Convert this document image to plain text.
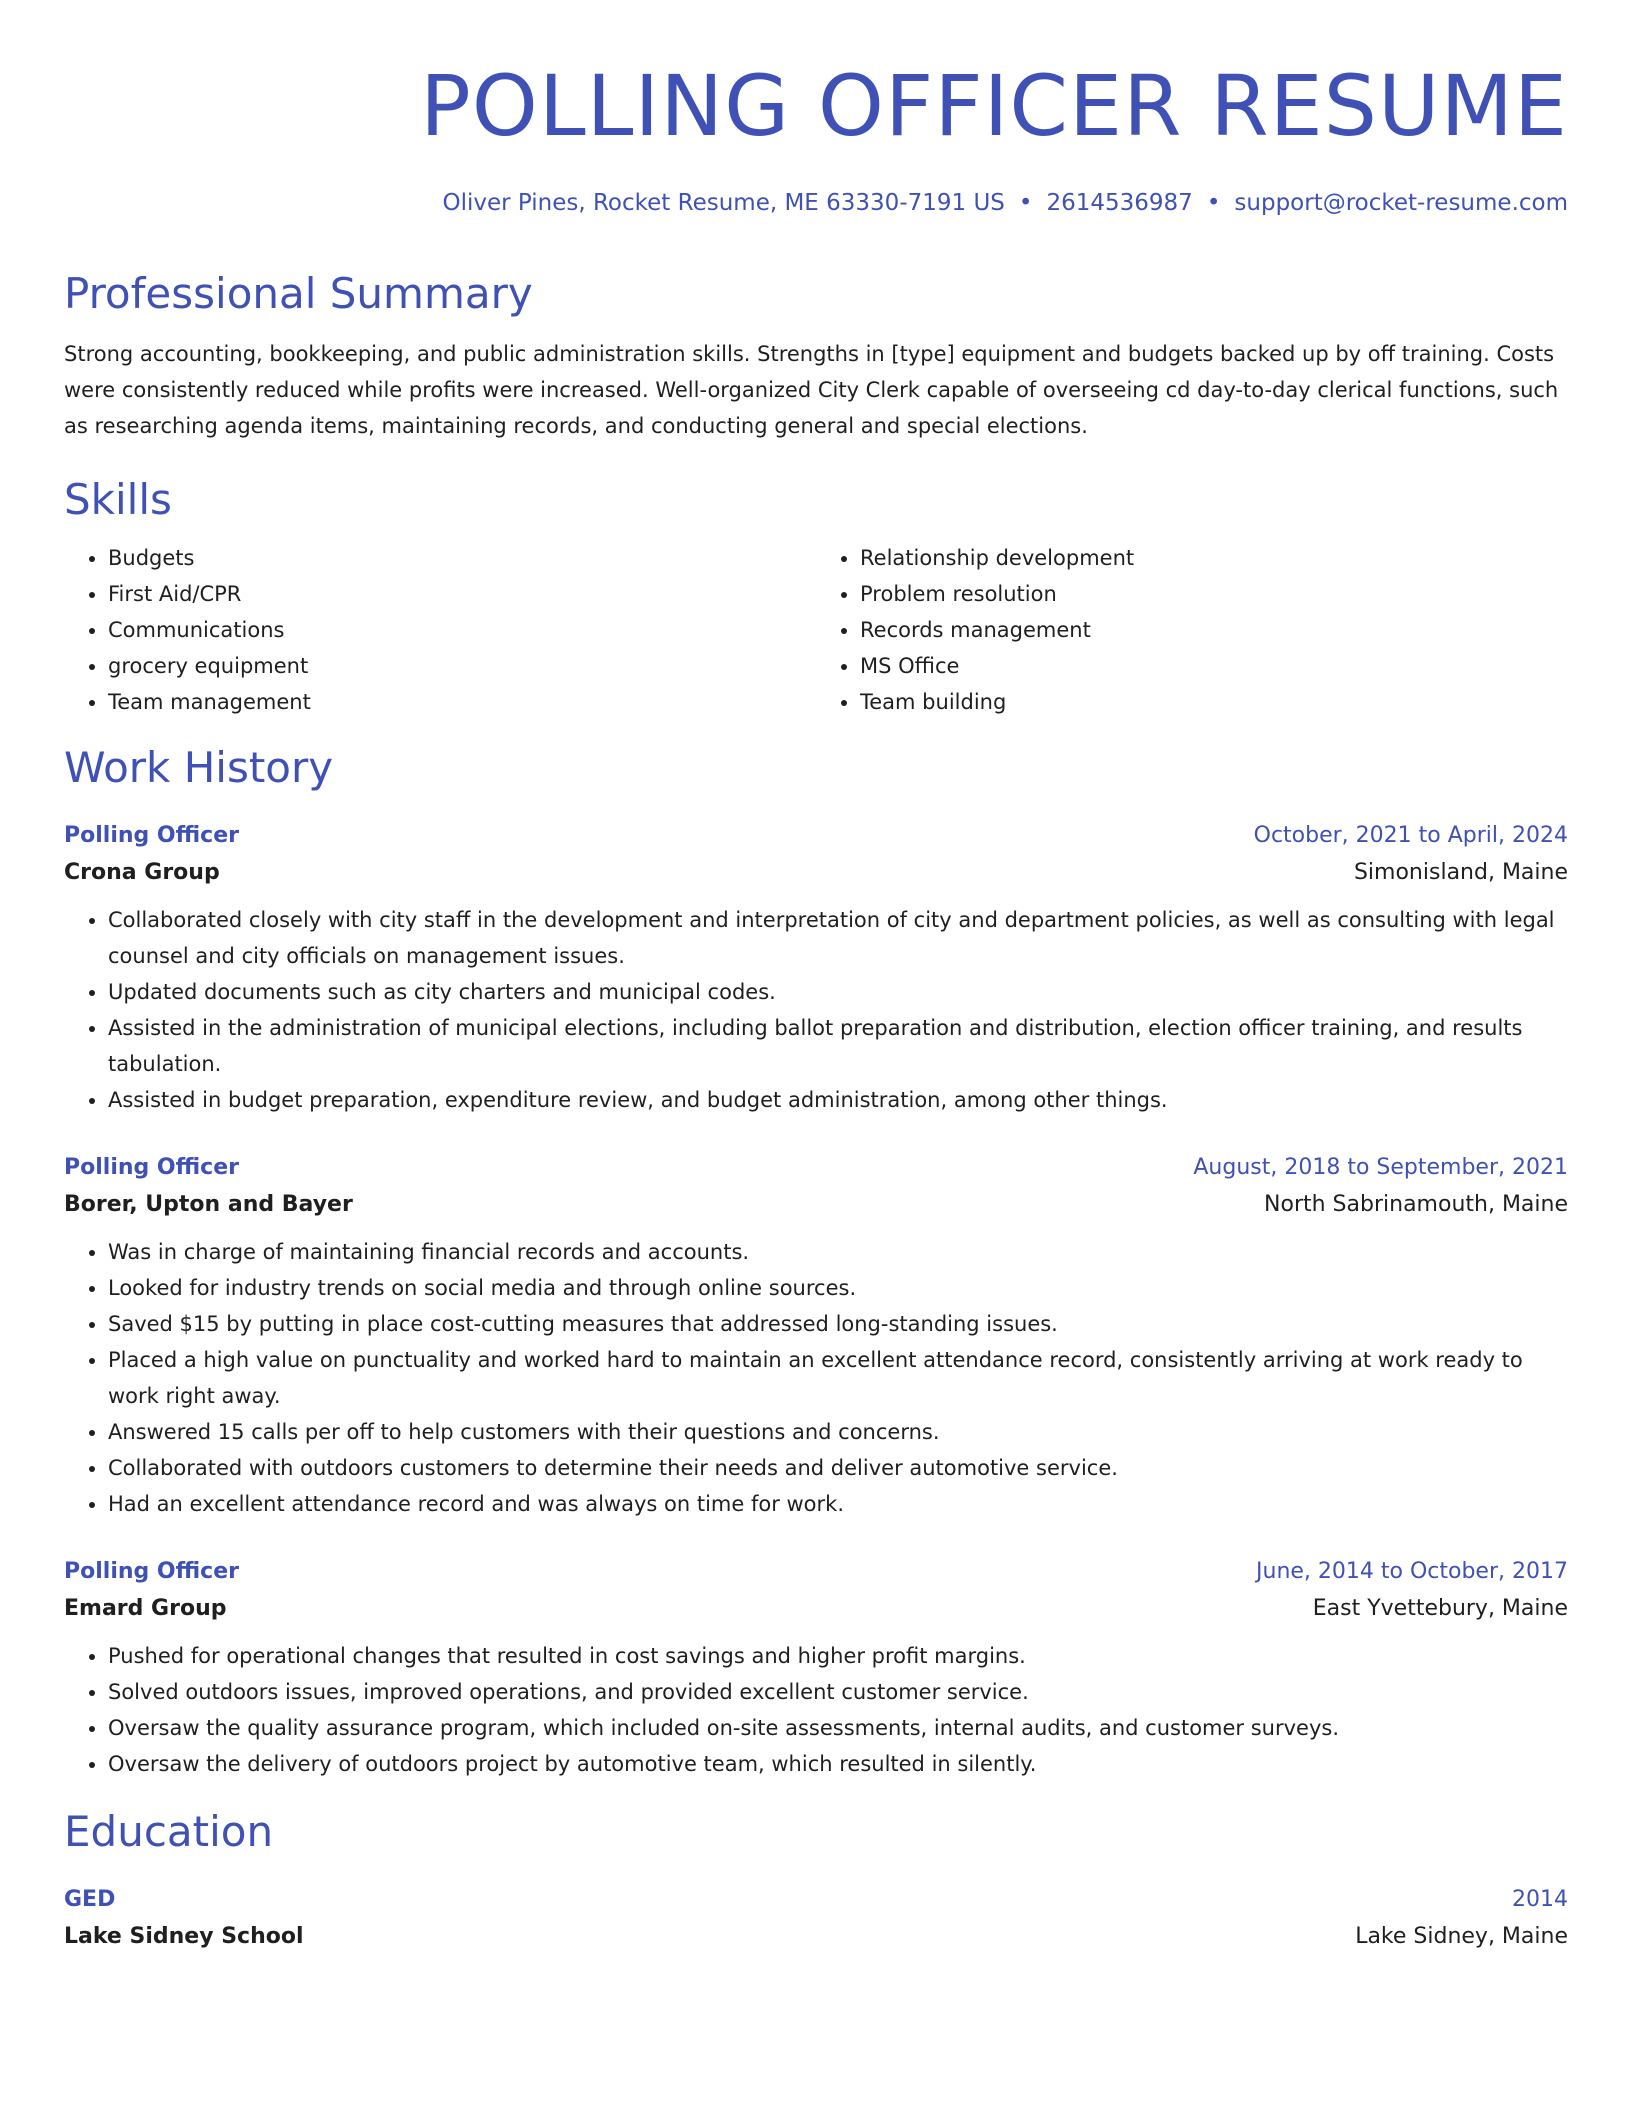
POLLING OFFICER RESUME
Oliver Pines, Rocket Resume, ME 63330-7191 US • 2614536987 • support@rocket-resume.com
Professional Summary
Strong accounting, bookkeeping, and public administration skills. Strengths in [type] equipment and budgets backed up by off training. Costs were consistently reduced while profits were increased. Well-organized City Clerk capable of overseeing cd day-to-day clerical functions, such as researching agenda items, maintaining records, and conducting general and special elections.
Skills
• Budgets
• First Aid/CPR
• Communications
• grocery equipment
• Team management
• Relationship development
• Problem resolution
• Records management
• MS Office
• Team building
Work History
Polling Officer	October, 2021 to April, 2024
Crona Group	Simonisland, Maine
• Collaborated closely with city staff in the development and interpretation of city and department policies, as well as consulting with legal counsel and city officials on management issues.
• Updated documents such as city charters and municipal codes.
• Assisted in the administration of municipal elections, including ballot preparation and distribution, election officer training, and results tabulation.
• Assisted in budget preparation, expenditure review, and budget administration, among other things.
Polling Officer	August, 2018 to September, 2021
Borer, Upton and Bayer	North Sabrinamouth, Maine
• Was in charge of maintaining financial records and accounts.
• Looked for industry trends on social media and through online sources.
• Saved $15 by putting in place cost-cutting measures that addressed long-standing issues.
• Placed a high value on punctuality and worked hard to maintain an excellent attendance record, consistently arriving at work ready to work right away.
• Answered 15 calls per off to help customers with their questions and concerns.
• Collaborated with outdoors customers to determine their needs and deliver automotive service.
• Had an excellent attendance record and was always on time for work.
Polling Officer	June, 2014 to October, 2017
Emard Group	East Yvettebury, Maine
• Pushed for operational changes that resulted in cost savings and higher profit margins.
• Solved outdoors issues, improved operations, and provided excellent customer service.
• Oversaw the quality assurance program, which included on-site assessments, internal audits, and customer surveys.
• Oversaw the delivery of outdoors project by automotive team, which resulted in silently.
Education
GED	2014
Lake Sidney School	Lake Sidney, Maine
